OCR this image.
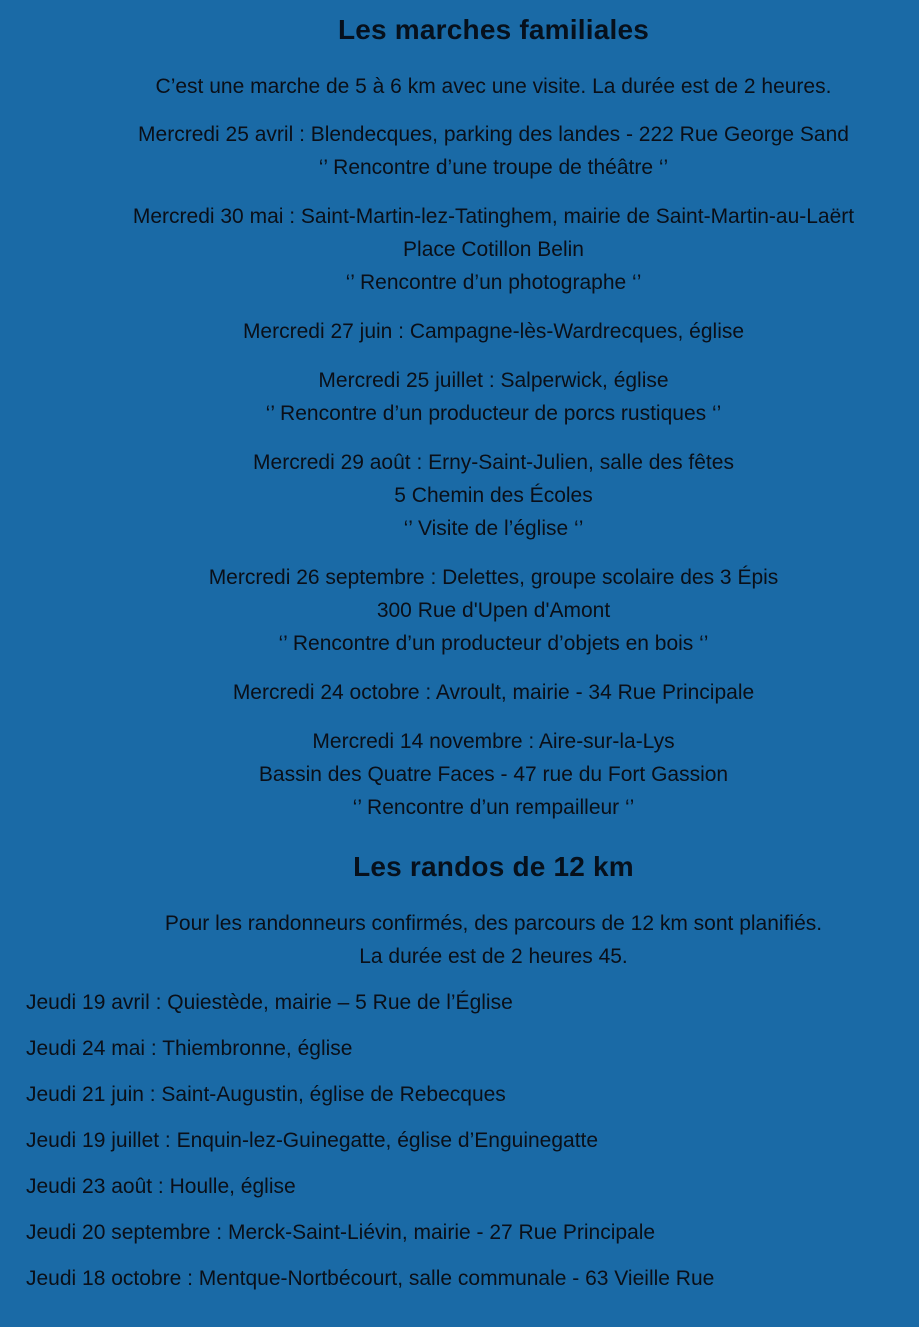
Les marches familiales
C’est une marche de 5 à 6 km avec une visite. La durée est de 2 heures.
Mercredi 25 avril : Blendecques, parking des landes - 222 Rue George Sand
‘’ Rencontre d’une troupe de théâtre ‘’
Mercredi 30 mai : Saint-Martin-lez-Tatinghem, mairie de Saint-Martin-au-Laërt
Place Cotillon Belin
‘’ Rencontre d’un photographe ‘’
Mercredi 27 juin : Campagne-lès-Wardrecques, église
Mercredi 25 juillet : Salperwick, église
‘’ Rencontre d’un producteur de porcs rustiques ‘’
Mercredi 29 août : Erny-Saint-Julien, salle des fêtes
5 Chemin des Écoles
‘’ Visite de l’église ‘’
Mercredi 26 septembre : Delettes, groupe scolaire des 3 Épis
300 Rue d'Upen d'Amont
‘’ Rencontre d’un producteur d’objets en bois ‘’
Mercredi 24 octobre : Avroult, mairie - 34 Rue Principale
Mercredi 14 novembre : Aire-sur-la-Lys
Bassin des Quatre Faces - 47 rue du Fort Gassion
‘’ Rencontre d’un rempailleur ‘’
Les randos de 12 km
Pour les randonneurs confirmés, des parcours de 12 km sont planifiés.
La durée est de 2 heures 45.
Jeudi 19 avril : Quiestède, mairie – 5 Rue de l’Église
Jeudi 24 mai : Thiembronne, église
Jeudi 21 juin : Saint-Augustin, église de Rebecques
Jeudi 19 juillet : Enquin-lez-Guinegatte, église d’Enguinegatte
Jeudi 23 août : Houlle, église
Jeudi 20 septembre : Merck-Saint-Liévin, mairie - 27 Rue Principale
Jeudi 18 octobre : Mentque-Nortbécourt, salle communale - 63 Vieille Rue
